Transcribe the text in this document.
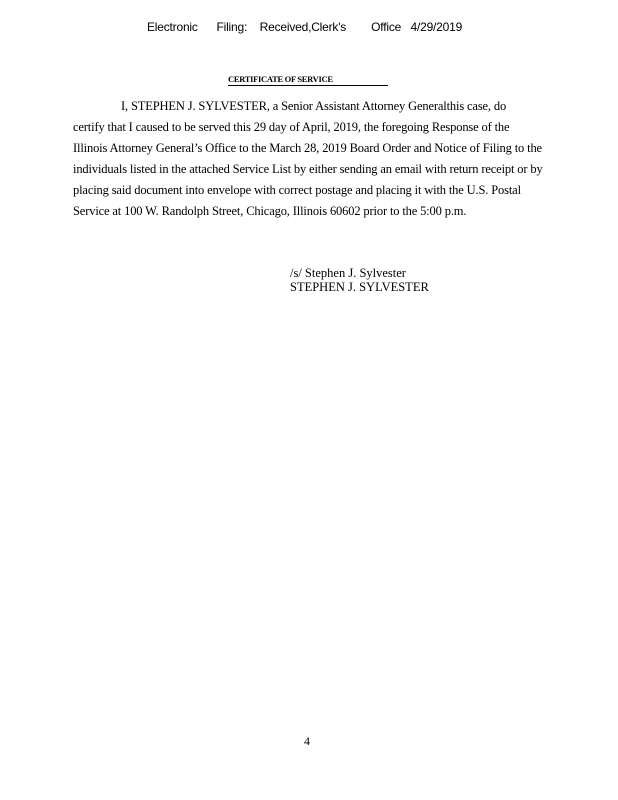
Electronic      Filing:    Received,Clerk's        Office   4/29/2019
CERTIFICATE OF SERVICE
I, STEPHEN J. SYLVESTER, a Senior Assistant Attorney Generalthis case, do
certify that I caused to be served this 29 day of April, 2019, the foregoing Response of the
Illinois Attorney General’s Office to the March 28, 2019 Board Order and Notice of Filing to the
individuals listed in the attached Service List by either sending an email with return receipt or by
placing said document into envelope with correct postage and placing it with the U.S. Postal
Service at 100 W. Randolph Street, Chicago, Illinois 60602 prior to the 5:00 p.m.
/s/ Stephen J. Sylvester
STEPHEN J. SYLVESTER
4
